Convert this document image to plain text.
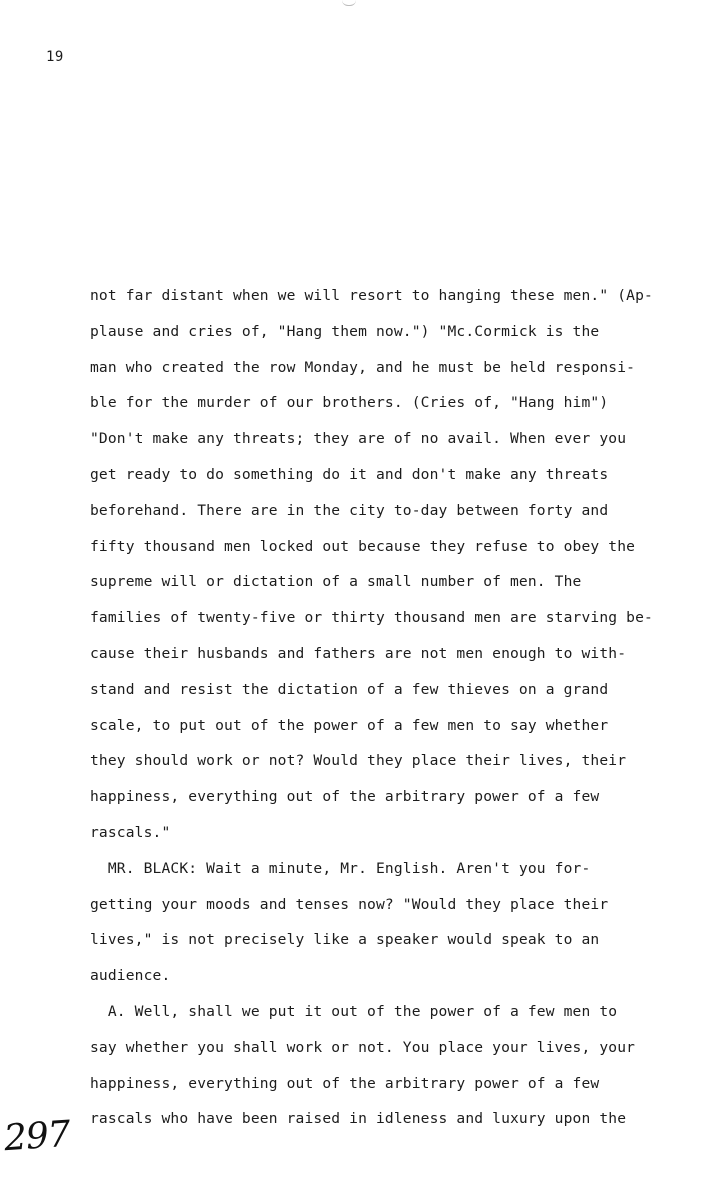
19
not far distant when we will resort to hanging these men." (Ap-
plause and cries of, "Hang them now.") "Mc.Cormick is the
man who created the row Monday, and he must be held responsi-
ble for the murder of our brothers. (Cries of, "Hang him")
"Don't make any threats; they are of no avail. When ever you
get ready to do something do it and don't make any threats
beforehand. There are in the city to-day between forty and
fifty thousand men locked out because they refuse to obey the
supreme will or dictation of a small number of men. The
families of twenty-five or thirty thousand men are starving be-
cause their husbands and fathers are not men enough to with-
stand and resist the dictation of a few thieves on a grand
scale, to put out of the power of a few men to say whether
they should work or not? Would they place their lives, their
happiness, everything out of the arbitrary power of a few
rascals."
MR. BLACK: Wait a minute, Mr. English. Aren't you for-
getting your moods and tenses now? "Would they place their
lives," is not precisely like a speaker would speak to an
audience.
A. Well, shall we put it out of the power of a few men to
say whether you shall work or not. You place your lives, your
happiness, everything out of the arbitrary power of a few
rascals who have been raised in idleness and luxury upon the
297
